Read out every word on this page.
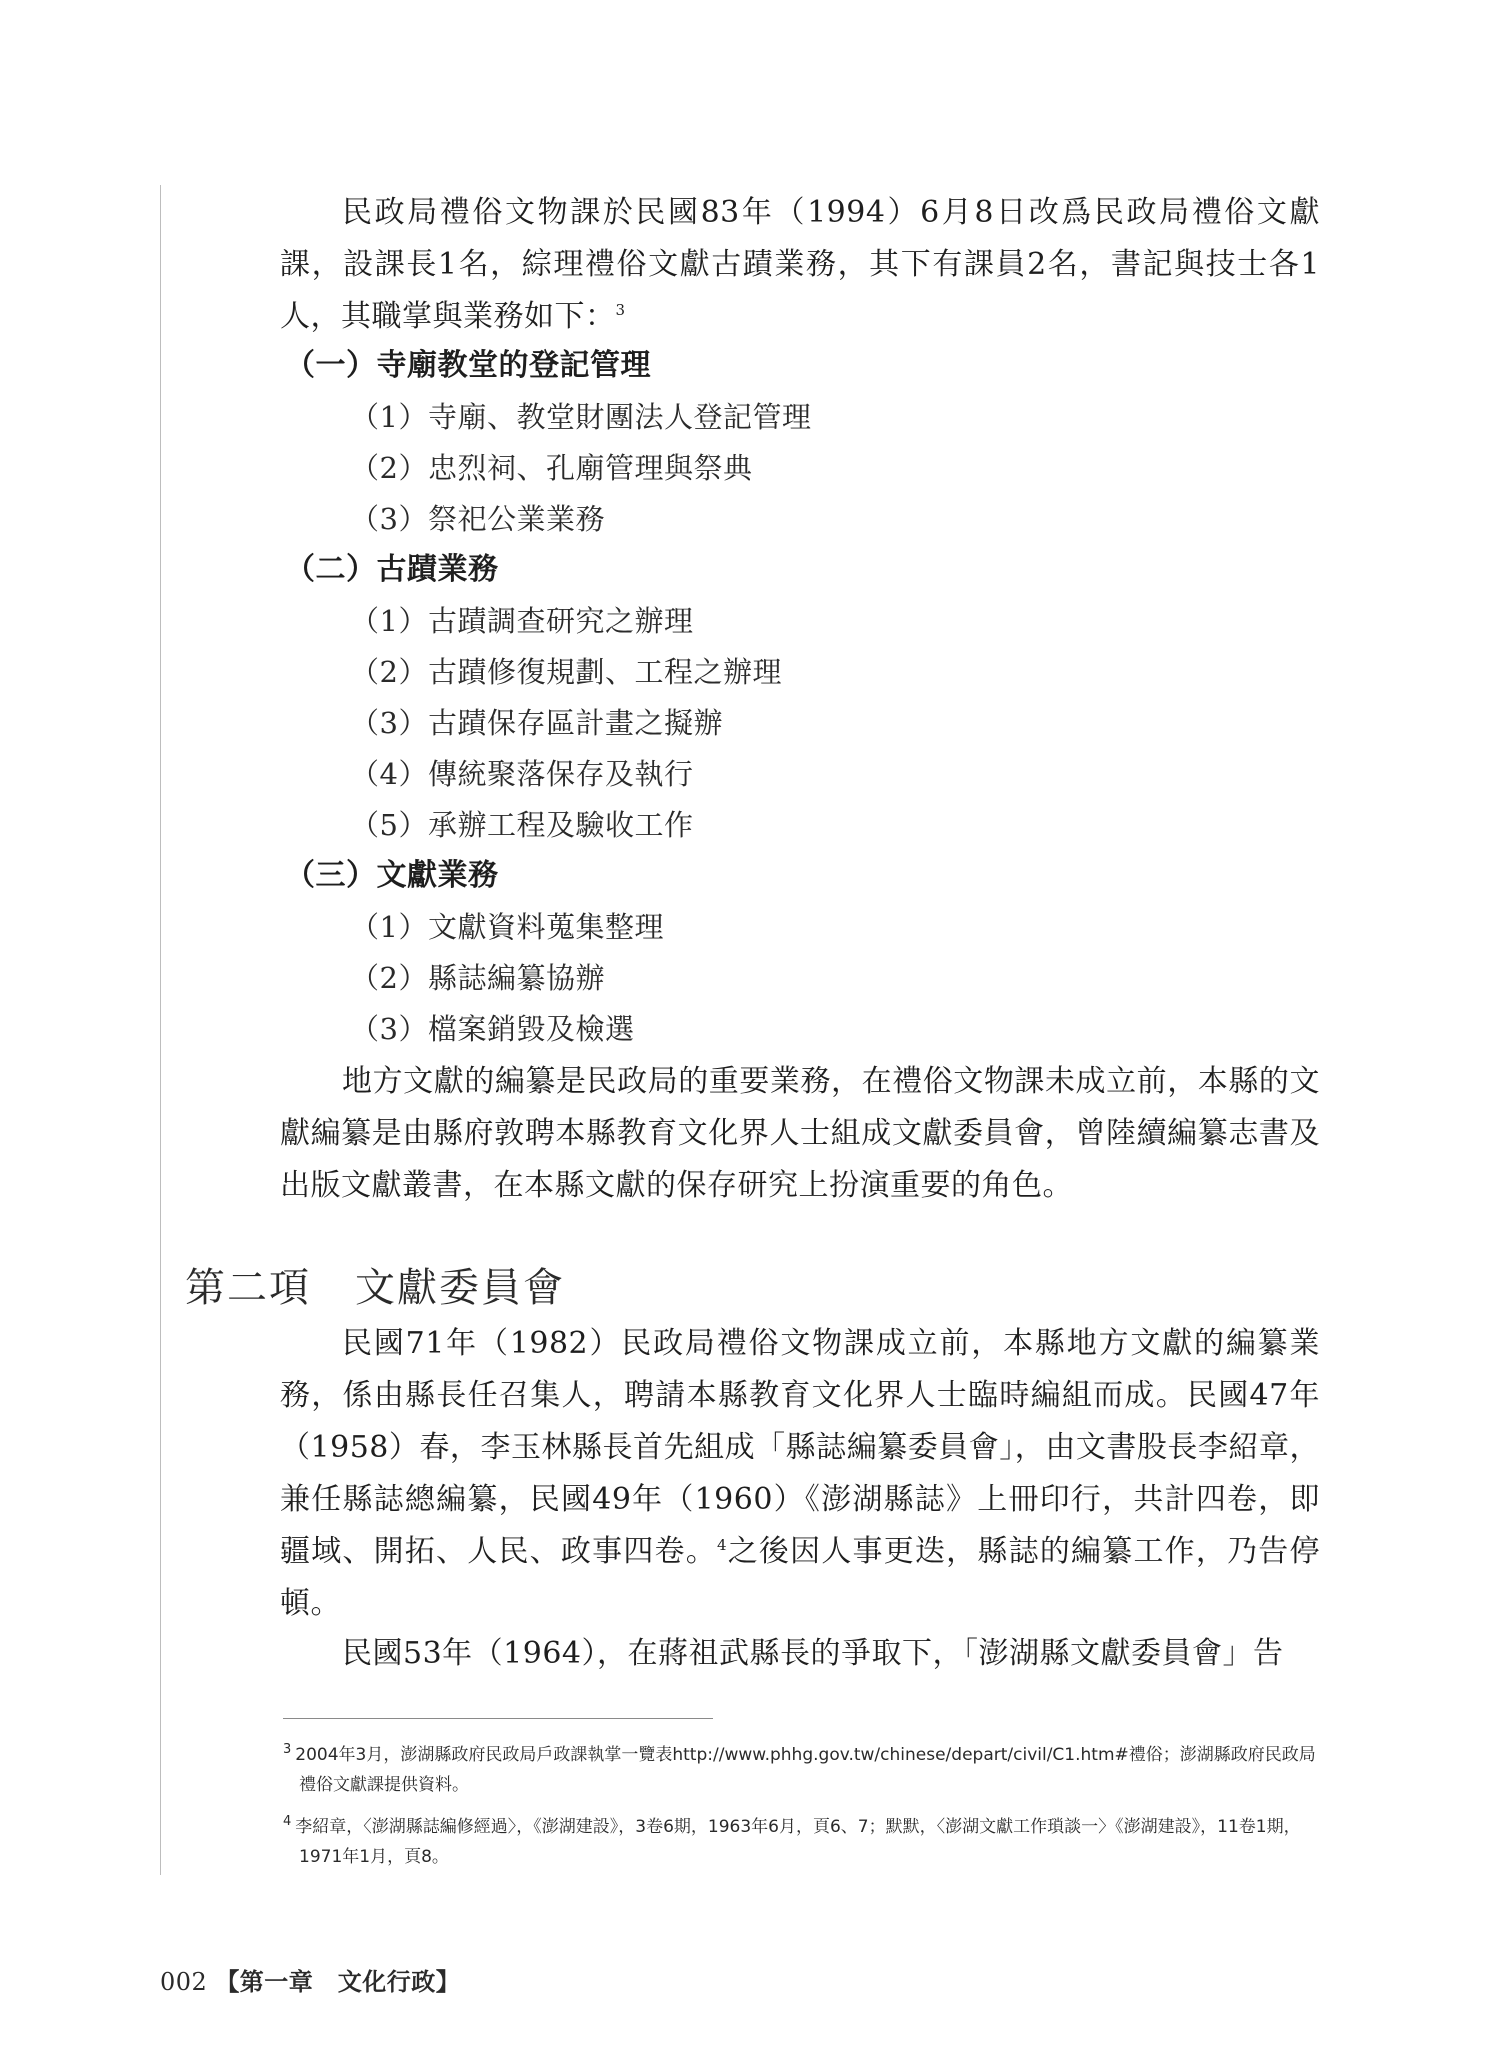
民政局禮俗文物課於民國83年（1994）6月8日改爲民政局禮俗文獻課，設課長1名，綜理禮俗文獻古蹟業務，其下有課員2名，書記與技士各1人，其職掌與業務如下：$^3$

（一）寺廟教堂的登記管理
（1）寺廟、教堂財團法人登記管理
（2）忠烈祠、孔廟管理與祭典
（3）祭祀公業業務
（二）古蹟業務
（1）古蹟調查研究之辦理
（2）古蹟修復規劃、工程之辦理
（3）古蹟保存區計畫之擬辦
（4）傳統聚落保存及執行
（5）承辦工程及驗收工作
（三）文獻業務
（1）文獻資料蒐集整理
（2）縣誌編纂協辦
（3）檔案銷毀及檢選

地方文獻的編纂是民政局的重要業務，在禮俗文物課未成立前，本縣的文獻編纂是由縣府敦聘本縣教育文化界人士組成文獻委員會，曾陸續編纂志書及出版文獻叢書，在本縣文獻的保存研究上扮演重要的角色。

第二項 文獻委員會

民國71年（1982）民政局禮俗文物課成立前，本縣地方文獻的編纂業務，係由縣長任召集人，聘請本縣教育文化界人士臨時編組而成。民國47年（1958）春，李玉林縣長首先組成「縣誌編纂委員會」，由文書股長李紹章，兼任縣誌總編纂，民國49年（1960）《澎湖縣誌》上冊印行，共計四卷，即疆域、開拓、人民、政事四卷。$^4$之後因人事更迭，縣誌的編纂工作，乃告停頓。

民國53年（1964），在蔣祖武縣長的爭取下，「澎湖縣文獻委員會」告

$^3$ 2004年3月，澎湖縣政府民政局戶政課執掌一覽表http://www.phhg.gov.tw/chinese/depart/civil/C1.htm#禮俗；澎湖縣政府民政局禮俗文獻課提供資料。

$^4$ 李紹章，〈澎湖縣誌編修經過〉，《澎湖建設》，3卷6期，1963年6月，頁6、7；默默，〈澎湖文獻工作瑣談一〉《澎湖建設》，11卷1期，1971年1月，頁8。

002 【第一章　文化行政】
